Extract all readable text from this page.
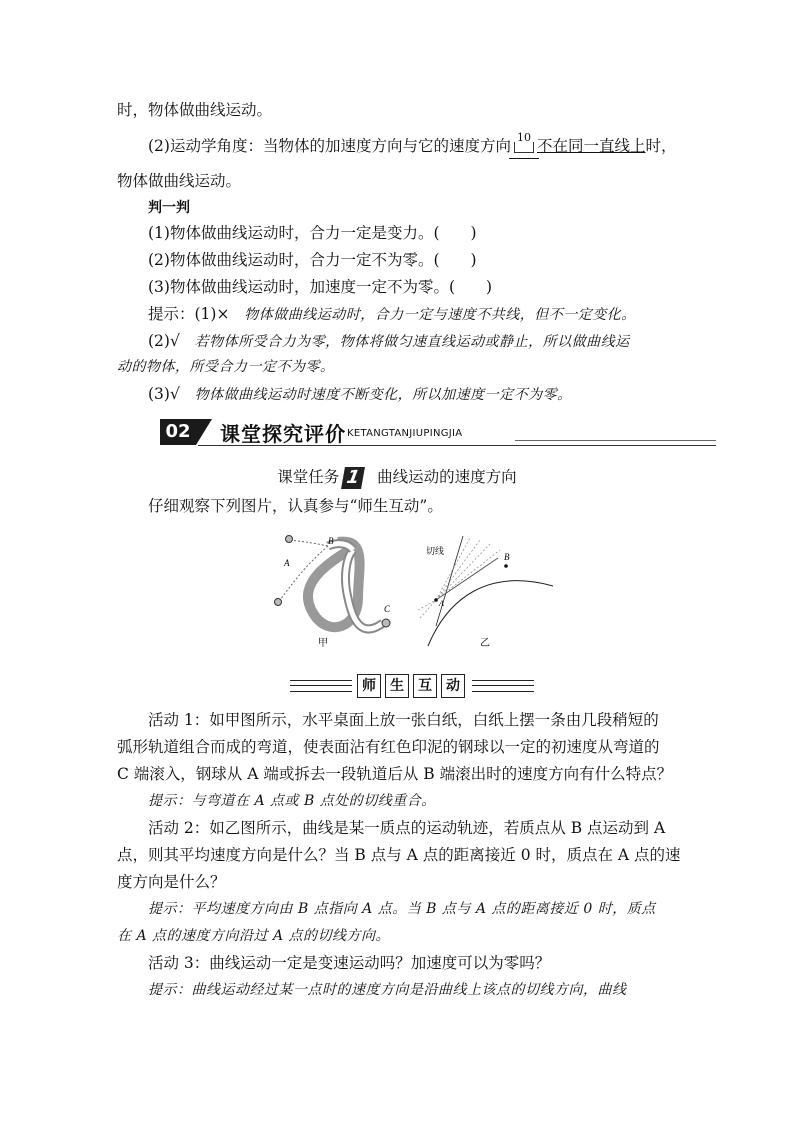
时，物体做曲线运动。
(2)运动学角度：当物体的加速度方向与它的速度方向 10 不在同一直线上时，
物体做曲线运动。
判一判
(1)物体做曲线运动时，合力一定是变力。(　　)
(2)物体做曲线运动时，合力一定不为零。(　　)
(3)物体做曲线运动时，加速度一定不为零。(　　)
提示：(1)× 物体做曲线运动时，合力一定与速度不共线，但不一定变化。
(2)√ 若物体所受合力为零，物体将做匀速直线运动或静止，所以做曲线运
动的物体，所受合力一定不为零。
(3)√ 物体做曲线运动时速度不断变化，所以加速度一定不为零。
02 课堂探究评价 KETANGTANJIUPINGJIA
课堂任务 1 曲线运动的速度方向
仔细观察下列图片，认真参与“师生互动”。
B
A
C
甲
切线
A
B
乙
师	生	互	动
活动 1：如甲图所示，水平桌面上放一张白纸，白纸上摆一条由几段稍短的
弧形轨道组合而成的弯道，使表面沾有红色印泥的钢球以一定的初速度从弯道的
C 端滚入，钢球从 A 端或拆去一段轨道后从 B 端滚出时的速度方向有什么特点？
提示：与弯道在 A 点或 B 点处的切线重合。
活动 2：如乙图所示，曲线是某一质点的运动轨迹，若质点从 B 点运动到 A
点，则其平均速度方向是什么？当 B 点与 A 点的距离接近 0 时，质点在 A 点的速
度方向是什么？
提示：平均速度方向由 B 点指向 A 点。当 B 点与 A 点的距离接近 0 时，质点
在 A 点的速度方向沿过 A 点的切线方向。
活动 3：曲线运动一定是变速运动吗？加速度可以为零吗？
提示：曲线运动经过某一点时的速度方向是沿曲线上该点的切线方向，曲线
